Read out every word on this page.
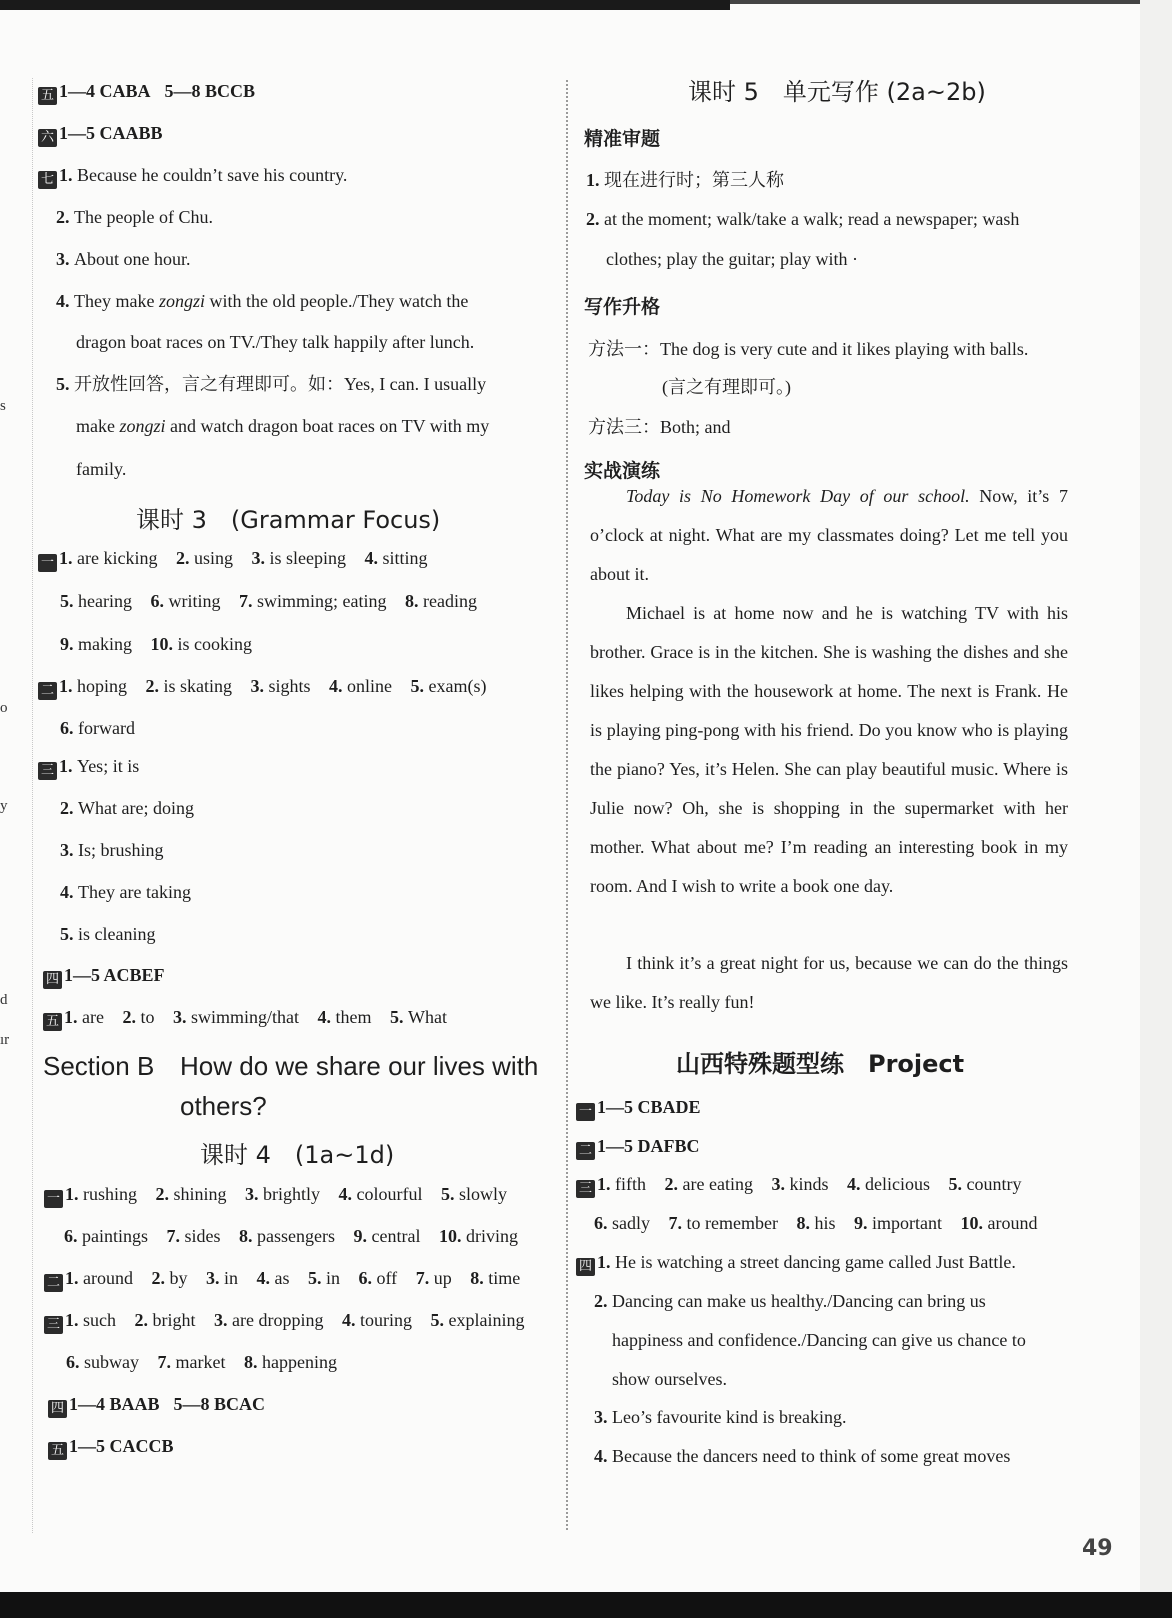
s
o
y
d
ır
五 1—4 CABA 5—8 BCCB
六 1—5 CAABB
七 1. Because he couldn’t save his country.
2. The people of Chu.
3. About one hour.
4. They make zongzi with the old people./They watch the
dragon boat races on TV./They talk happily after lunch.
5. 开放性回答，言之有理即可。如：Yes, I can. I usually
make zongzi and watch dragon boat races on TV with my
family.
课时 3　(Grammar Focus)
一 1. are kicking 2. using 3. is sleeping 4. sitting
5. hearing 6. writing 7. swimming; eating 8. reading
9. making 10. is cooking
二 1. hoping 2. is skating 3. sights 4. online 5. exam(s)
6. forward
三 1. Yes; it is
2. What are; doing
3. Is; brushing
4. They are taking
5. is cleaning
四 1—5 ACBEF
五 1. are 2. to 3. swimming/that 4. them 5. What
Section B How do we share our lives with
others?
课时 4　(1a~1d)
一 1. rushing 2. shining 3. brightly 4. colourful 5. slowly
6. paintings 7. sides 8. passengers 9. central 10. driving
二 1. around 2. by 3. in 4. as 5. in 6. off 7. up 8. time
三 1. such 2. bright 3. are dropping 4. touring 5. explaining
6. subway 7. market 8. happening
四 1—4 BAAB 5—8 BCAC
五 1—5 CACCB
课时 5　单元写作 (2a~2b)
精准审题
1. 现在进行时；第三人称
2. at the moment; walk/take a walk; read a newspaper; wash
clothes; play the guitar; play with ·
写作升格
方法一：The dog is very cute and it likes playing with balls.
(言之有理即可。)
方法三：Both; and
实战演练
Today is No Homework Day of our school. Now, it’s 7 o’clock at night. What are my classmates doing? Let me tell you about it.
Michael is at home now and he is watching TV with his brother. Grace is in the kitchen. She is washing the dishes and she likes helping with the housework at home. The next is Frank. He is playing ping-pong with his friend. Do you know who is playing the piano? Yes, it’s Helen. She can play beautiful music. Where is Julie now? Oh, she is shopping in the supermarket with her mother. What about me? I’m reading an interesting book in my room. And I wish to write a book one day.
I think it’s a great night for us, because we can do the things we like. It’s really fun!
山西特殊题型练　Project
一 1—5 CBADE
二 1—5 DAFBC
三 1. fifth 2. are eating 3. kinds 4. delicious 5. country
6. sadly 7. to remember 8. his 9. important 10. around
四 1. He is watching a street dancing game called Just Battle.
2. Dancing can make us healthy./Dancing can bring us
happiness and confidence./Dancing can give us chance to
show ourselves.
3. Leo’s favourite kind is breaking.
4. Because the dancers need to think of some great moves
49
